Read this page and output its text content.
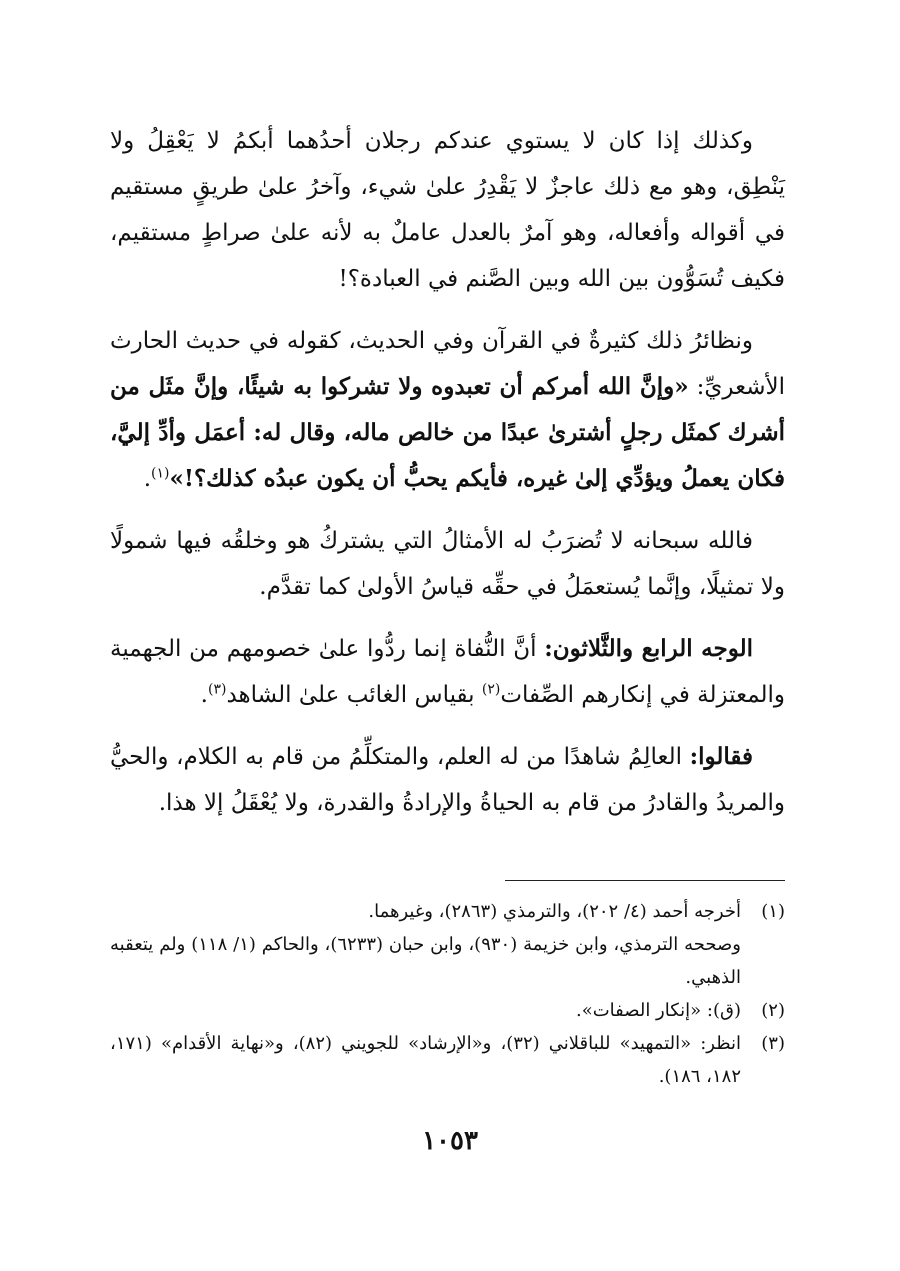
وكذلك إذا كان لا يستوي عندكم رجلان أحدُهما أبكمُ لا يَعْقِلُ ولا يَنْطِق، وهو مع ذلك عاجزٌ لا يَقْدِرُ علىٰ شيء، وآخرُ علىٰ طريقٍ مستقيم في أقواله وأفعاله، وهو آمرٌ بالعدل عاملٌ به لأنه علىٰ صراطٍ مستقيم، فكيف تُسَوُّون بين الله وبين الصَّنم في العبادة؟!

ونظائرُ ذلك كثيرةٌ في القرآن وفي الحديث، كقوله في حديث الحارث الأشعريِّ: «وإنَّ الله أمركم أن تعبدوه ولا تشركوا به شيئًا، وإنَّ مثَل من أشرك كمثَل رجلٍ أشترىٰ عبدًا من خالص ماله، وقال له: أعمَل وأدِّ إليَّ، فكان يعملُ ويؤدِّي إلىٰ غيره، فأيكم يحبُّ أن يكون عبدُه كذلك؟!»$^{(١)}$.

فالله سبحانه لا تُضرَبُ له الأمثالُ التي يشتركُ هو وخلقُه فيها شمولًا ولا تمثيلًا، وإنَّما يُستعمَلُ في حقِّه قياسُ الأولىٰ كما تقدَّم.

الوجه الرابع والثَّلاثون: أنَّ النُّفاة إنما ردُّوا علىٰ خصومهم من الجهمية والمعتزلة في إنكارهم الصِّفات$^{(٢)}$ بقياس الغائب علىٰ الشاهد$^{(٣)}$.

فقالوا: العالِمُ شاهدًا من له العلم، والمتكلِّمُ من قام به الكلام، والحيُّ والمريدُ والقادرُ من قام به الحياةُ والإرادةُ والقدرة، ولا يُعْقَلُ إلا هذا.

(١)
أخرجه أحمد (٤/ ٢٠٢)، والترمذي (٢٨٦٣)، وغيرهما.
وصححه الترمذي، وابن خزيمة (٩٣٠)، وابن حبان (٦٢٣٣)، والحاكم (١/ ١١٨) ولم يتعقبه الذهبي.
(٢)
(ق): «إنكار الصفات».
(٣)
انظر: «التمهيد» للباقلاني (٣٢)، و«الإرشاد» للجويني (٨٢)، و«نهاية الأقدام» (١٧١، ١٨٢، ١٨٦).
١٠٥٣
